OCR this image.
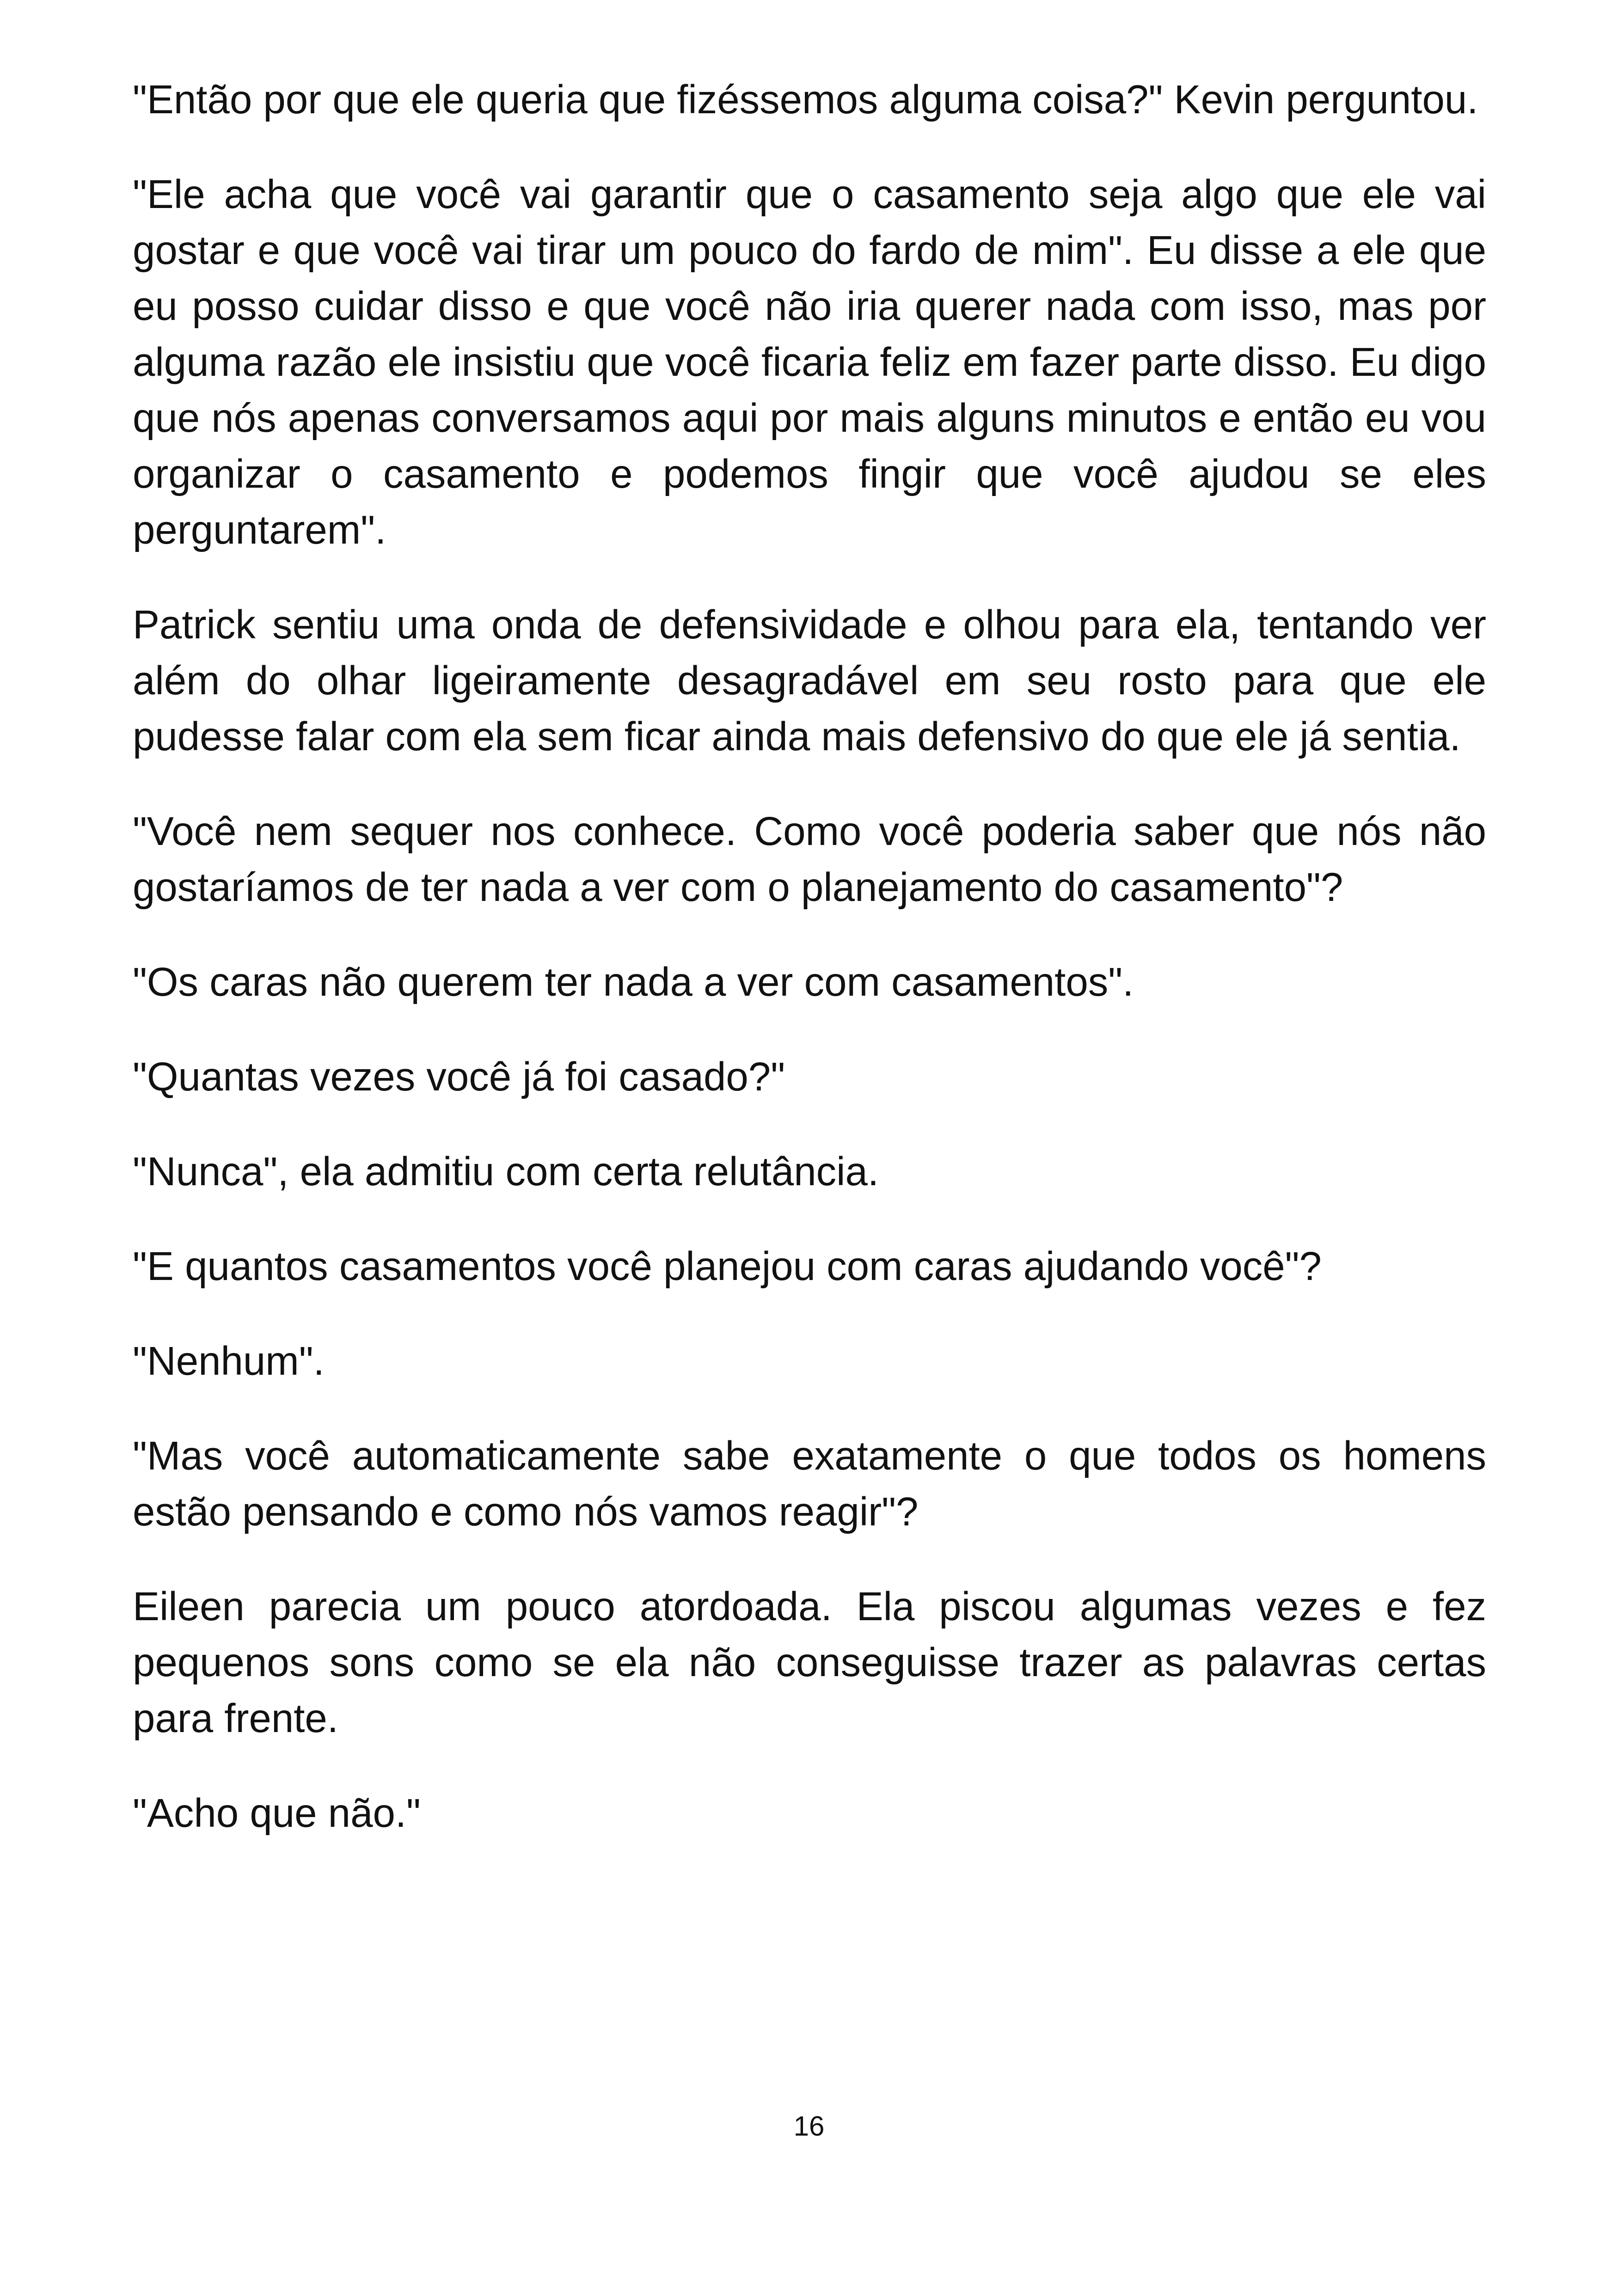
"Então por que ele queria que fizéssemos alguma coisa?" Kevin perguntou.

"Ele acha que você vai garantir que o casamento seja algo que ele vai gostar e que você vai tirar um pouco do fardo de mim". Eu disse a ele que eu posso cuidar disso e que você não iria querer nada com isso, mas por alguma razão ele insistiu que você ficaria feliz em fazer parte disso. Eu digo que nós apenas conversamos aqui por mais alguns minutos e então eu vou organizar o casamento e podemos fingir que você ajudou se eles perguntarem".

Patrick sentiu uma onda de defensividade e olhou para ela, tentando ver além do olhar ligeiramente desagradável em seu rosto para que ele pudesse falar com ela sem ficar ainda mais defensivo do que ele já sentia.

"Você nem sequer nos conhece. Como você poderia saber que nós não gostaríamos de ter nada a ver com o planejamento do casamento"?

"Os caras não querem ter nada a ver com casamentos".

"Quantas vezes você já foi casado?"

"Nunca", ela admitiu com certa relutância.

"E quantos casamentos você planejou com caras ajudando você"?

"Nenhum".

"Mas você automaticamente sabe exatamente o que todos os homens estão pensando e como nós vamos reagir"?

Eileen parecia um pouco atordoada. Ela piscou algumas vezes e fez pequenos sons como se ela não conseguisse trazer as palavras certas para frente.

"Acho que não."

16
